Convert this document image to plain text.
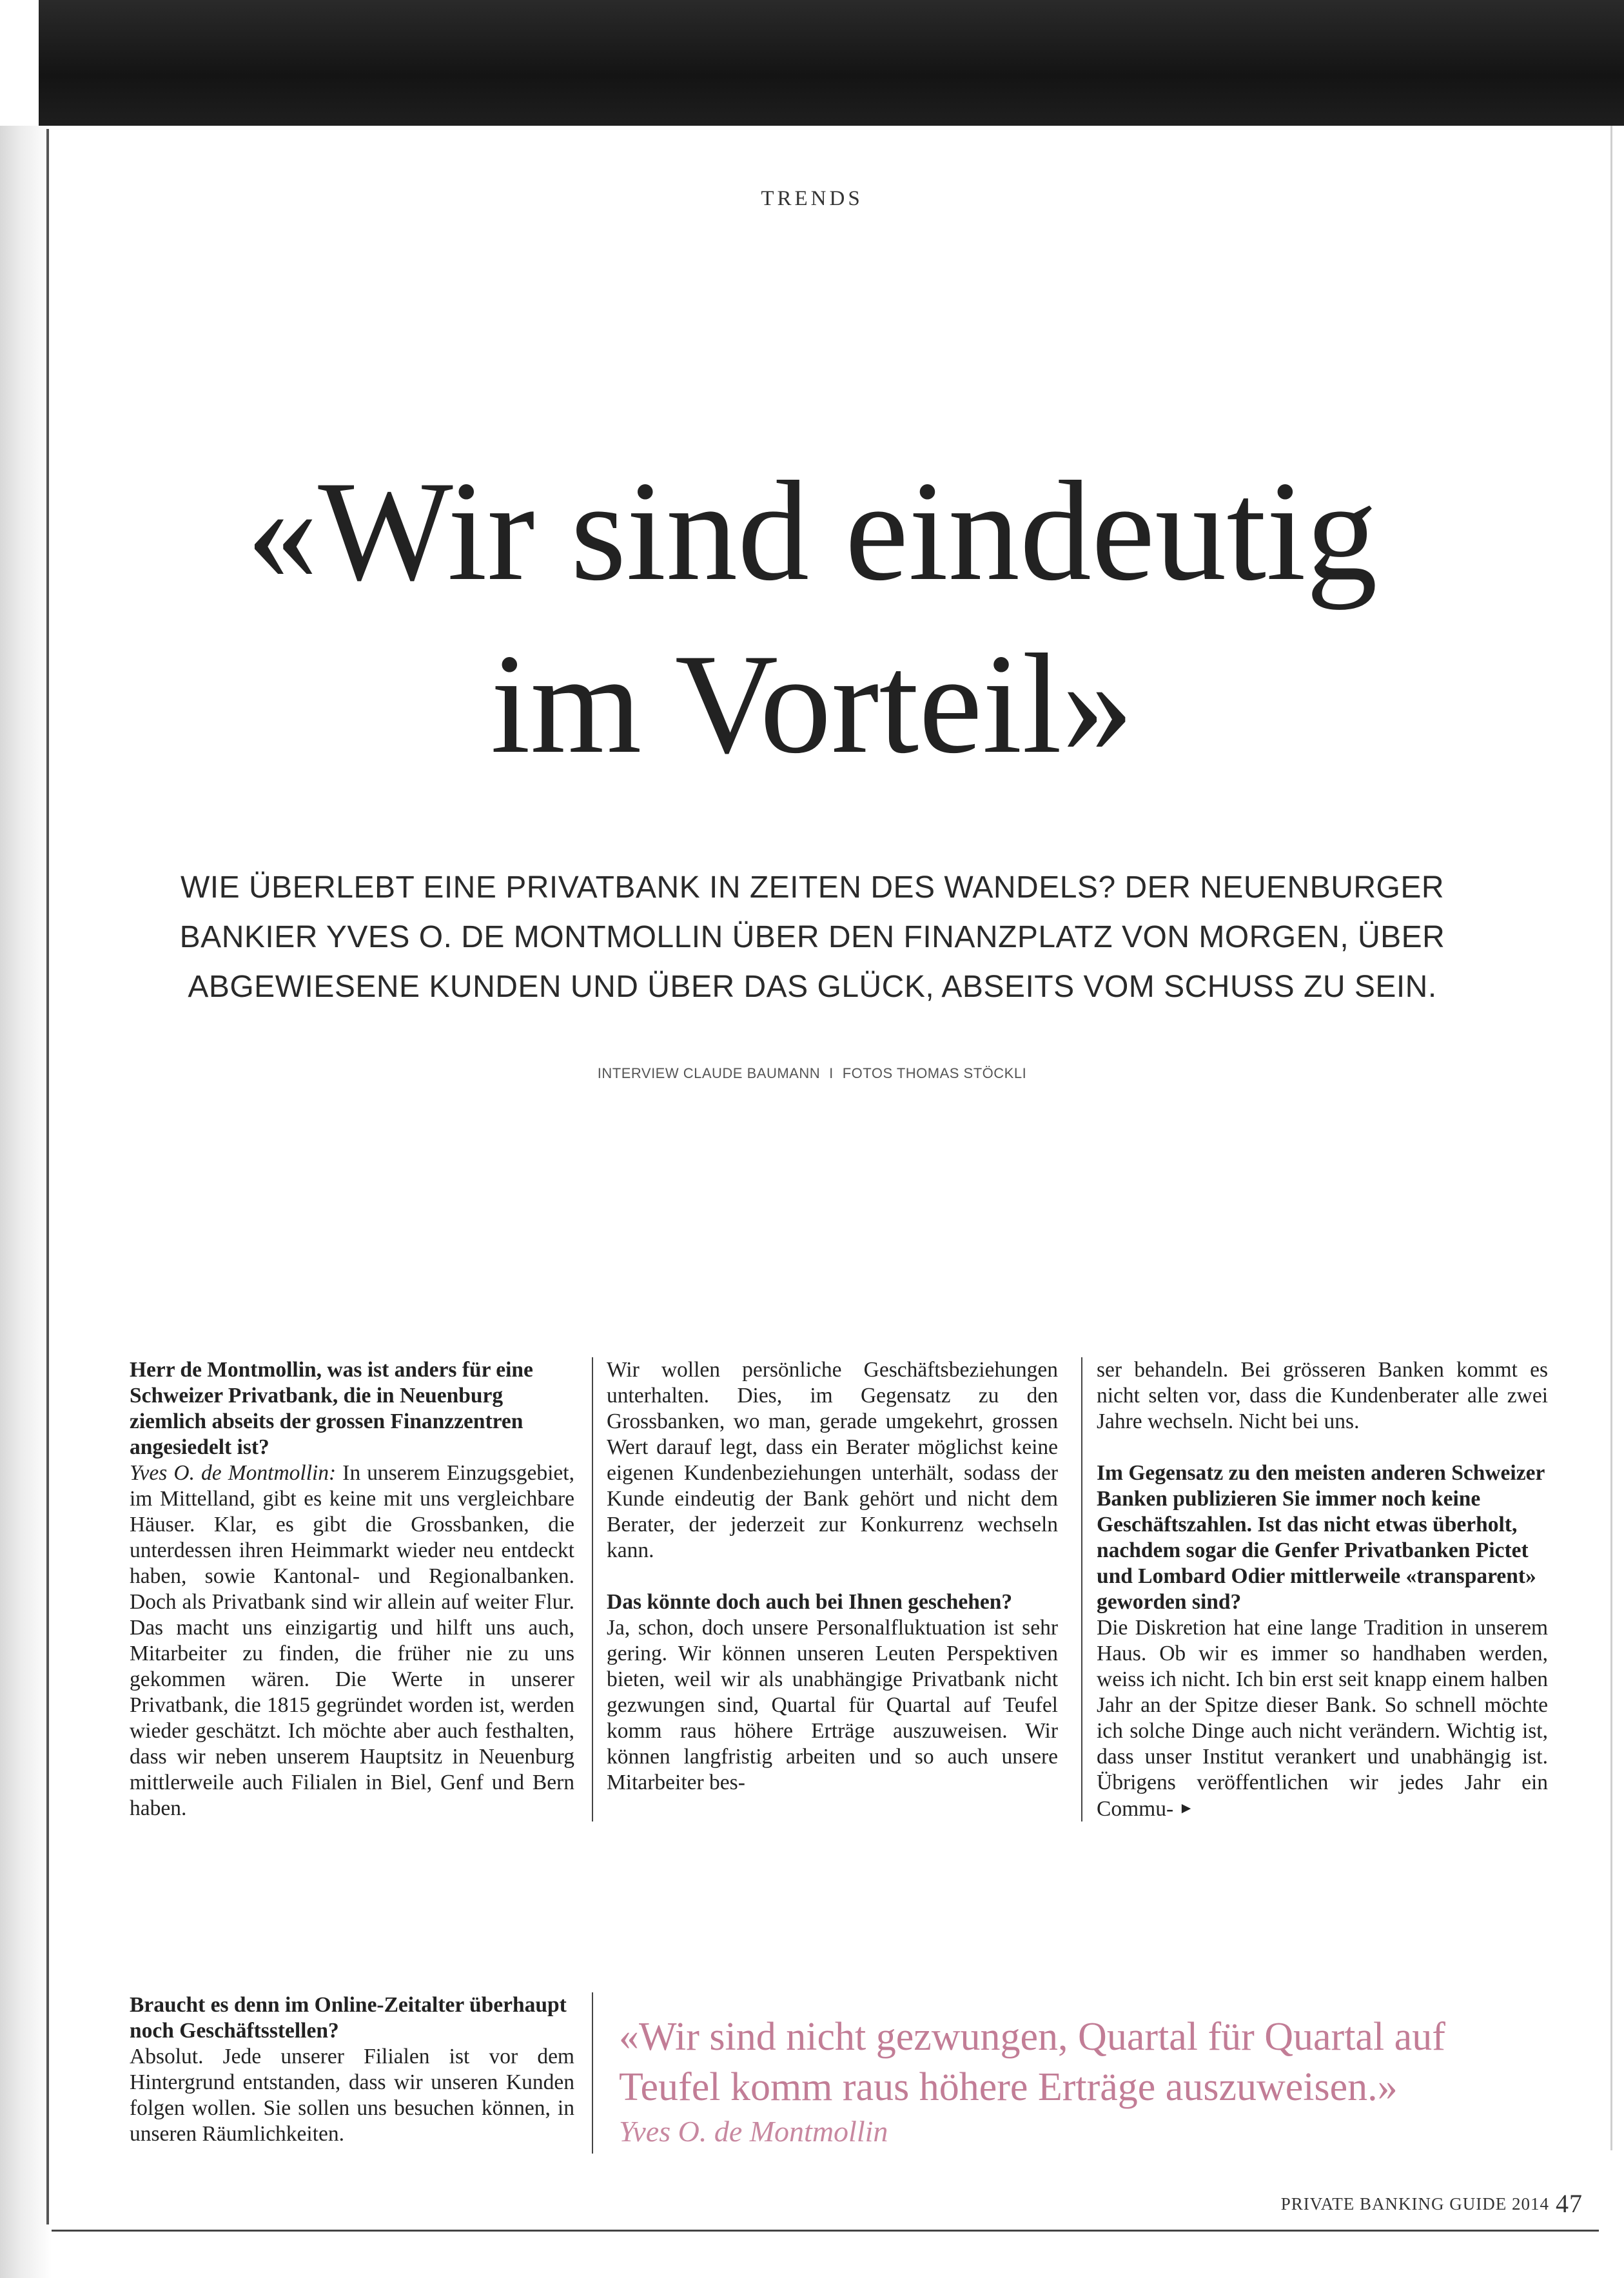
TRENDS
«Wir sind eindeutig
im Vorteil»
WIE ÜBERLEBT EINE PRIVATBANK IN ZEITEN DES WANDELS? DER NEUENBURGER
BANKIER YVES O. DE MONTMOLLIN ÜBER DEN FINANZPLATZ VON MORGEN, ÜBER
ABGEWIESENE KUNDEN UND ÜBER DAS GLÜCK, ABSEITS VOM SCHUSS ZU SEIN.
INTERVIEW CLAUDE BAUMANN I FOTOS THOMAS STÖCKLI

Herr de Montmollin, was ist anders für eine Schweizer Privatbank, die in Neuenburg ziemlich abseits der grossen Finanzzentren angesiedelt ist?

Yves O. de Montmollin: In unserem Einzugsgebiet, im Mittelland, gibt es keine mit uns vergleichbare Häuser. Klar, es gibt die Grossbanken, die unterdessen ihren Heimmarkt wieder neu entdeckt haben, sowie Kantonal- und Regionalbanken. Doch als Privatbank sind wir allein auf weiter Flur. Das macht uns einzigartig und hilft uns auch, Mitarbeiter zu finden, die früher nie zu uns gekommen wären. Die Werte in unserer Privatbank, die 1815 gegründet worden ist, werden wieder geschätzt. Ich möchte aber auch festhalten, dass wir neben unserem Hauptsitz in Neuenburg mittlerweile auch Filialen in Biel, Genf und Bern haben.

Wir wollen persönliche Geschäftsbeziehungen unterhalten. Dies, im Gegensatz zu den Grossbanken, wo man, gerade umgekehrt, grossen Wert darauf legt, dass ein Berater möglichst keine eigenen Kundenbeziehungen unterhält, sodass der Kunde eindeutig der Bank gehört und nicht dem Berater, der jederzeit zur Konkurrenz wechseln kann.

Das könnte doch auch bei Ihnen geschehen?

Ja, schon, doch unsere Personalfluktuation ist sehr gering. Wir können unseren Leuten Perspektiven bieten, weil wir als unabhängige Privatbank nicht gezwungen sind, Quartal für Quartal auf Teufel komm raus höhere Erträge auszuweisen. Wir können langfristig arbeiten und so auch unsere Mitarbeiter bes-

ser behandeln. Bei grösseren Banken kommt es nicht selten vor, dass die Kundenberater alle zwei Jahre wechseln. Nicht bei uns.

Im Gegensatz zu den meisten anderen Schweizer Banken publizieren Sie immer noch keine Geschäftszahlen. Ist das nicht etwas überholt, nachdem sogar die Genfer Privatbanken Pictet und Lombard Odier mittlerweile «transparent» geworden sind?

Die Diskretion hat eine lange Tradition in unserem Haus. Ob wir es immer so handhaben werden, weiss ich nicht. Ich bin erst seit knapp einem halben Jahr an der Spitze dieser Bank. So schnell möchte ich solche Dinge auch nicht verändern. Wichtig ist, dass unser Institut verankert und unabhängig ist. Übrigens veröffentlichen wir jedes Jahr ein Commu- ►

Braucht es denn im Online-Zeitalter überhaupt noch Geschäftsstellen?

Absolut. Jede unserer Filialen ist vor dem Hintergrund entstanden, dass wir unseren Kunden folgen wollen. Sie sollen uns besuchen können, in unseren Räumlichkeiten.

«Wir sind nicht gezwungen, Quartal für Quartal auf
Teufel komm raus höhere Erträge auszuweisen.»
Yves O. de Montmollin
PRIVATE BANKING GUIDE 2014 47
